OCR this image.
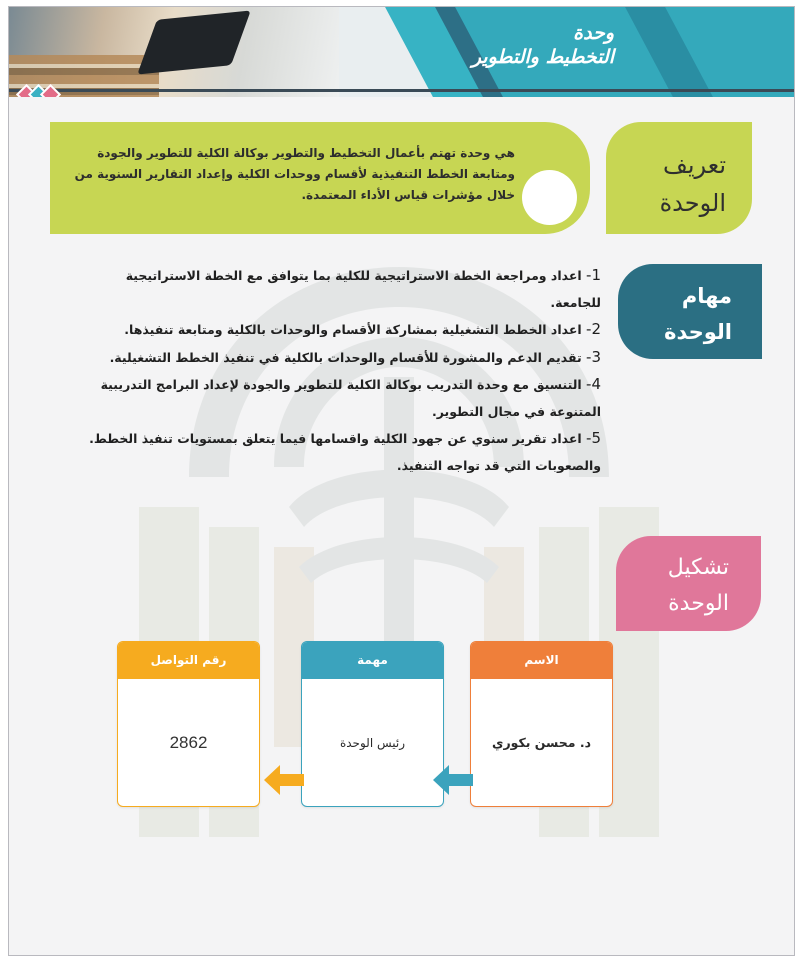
وحدة
التخطيط والتطوير
هي وحدة تهتم بأعمال التخطيط والتطوير بوكالة الكلية للتطوير والجودة ومتابعة الخطط التنفيذية لأقسام ووحدات الكلية وإعداد التقارير السنوية من خلال مؤشرات قياس الأداء المعتمدة.
تعريف
الوحدة
مهام
الوحدة

1- اعداد ومراجعة الخطة الاستراتيجية للكلية بما يتوافق مع الخطة الاستراتيجية للجامعة.

2- اعداد الخطط التشغيلية بمشاركة الأقسام والوحدات بالكلية ومتابعة تنفيذها.

3- تقديم الدعم والمشورة للأقسام والوحدات بالكلية في تنفيذ الخطط التشغيلية.

4- التنسيق مع وحدة التدريب بوكالة الكلية للتطوير والجودة لإعداد البرامج التدريبية المتنوعة في مجال التطوير.

5- اعداد تقرير سنوي عن جهود الكلية واقسامها فيما يتعلق بمستويات تنفيذ الخطط. والصعوبات التي قد تواجه التنفيذ.

تشكيل
الوحدة
الاسم
د. محسن بكوري
مهمة
رئيس الوحدة
رقم التواصل
2862
